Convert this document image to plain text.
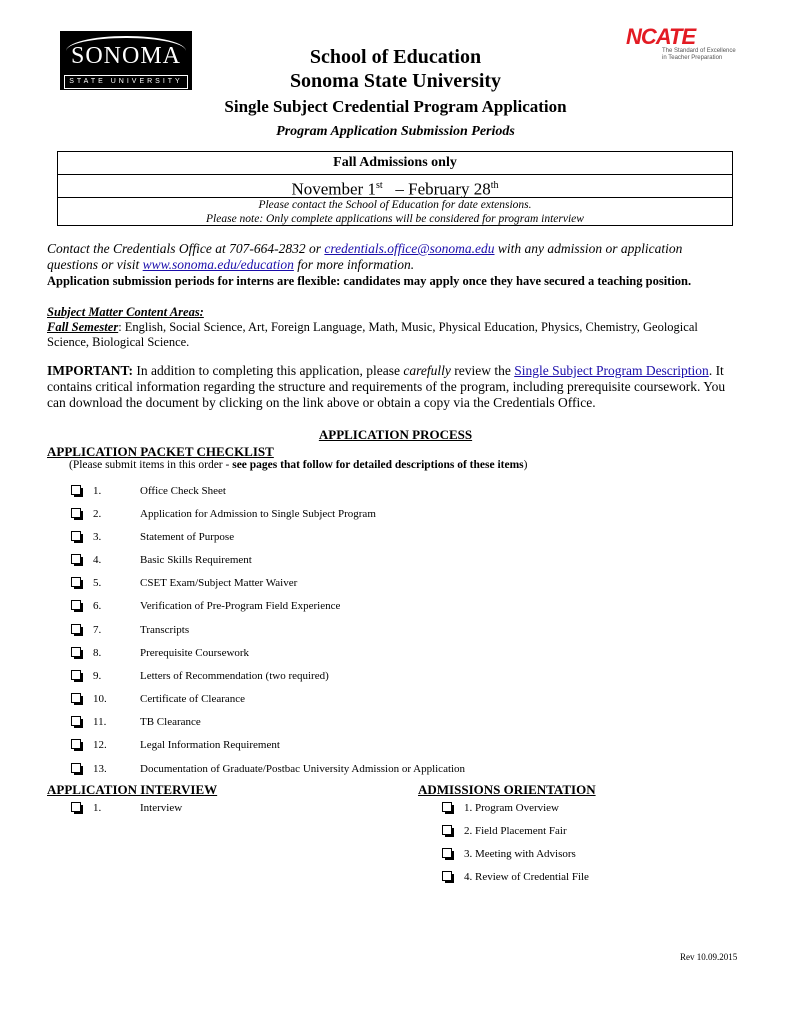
SONOMA
STATE UNIVERSITY
NCATE
The Standard of Excellence in Teacher Preparation
School of Education
Sonoma State University
Single Subject Credential Program Application
Program Application Submission Periods
Fall Admissions only
November 1st – February 28th
Please contact the School of Education for date extensions.
Please note: Only complete applications will be considered for program interview
Contact the Credentials Office at 707-664-2832 or credentials.office@sonoma.edu with any admission or application
questions or visit www.sonoma.edu/education for more information.
Application submission periods for interns are flexible: candidates may apply once they have secured a teaching position.
Subject Matter Content Areas:
Fall Semester: English, Social Science, Art, Foreign Language, Math, Music, Physical Education, Physics, Chemistry, Geological Science, Biological Science.
IMPORTANT: In addition to completing this application, please carefully review the Single Subject Program Description. It contains critical information regarding the structure and requirements of the program, including prerequisite coursework. You can download the document by clicking on the link above or obtain a copy via the Credentials Office.
APPLICATION PROCESS
APPLICATION PACKET CHECKLIST
(Please submit items in this order - see pages that follow for detailed descriptions of these items)
1.	Office Check Sheet
2.	Application for Admission to Single Subject Program
3.	Statement of Purpose
4.	Basic Skills Requirement
5.	CSET Exam/Subject Matter Waiver
6.	Verification of Pre-Program Field Experience
7.	Transcripts
8.	Prerequisite Coursework
9.	Letters of Recommendation (two required)
10.	Certificate of Clearance
11.	TB Clearance
12.	Legal Information Requirement
13.	Documentation of Graduate/Postbac University Admission or Application
APPLICATION INTERVIEW
1.	Interview
ADMISSIONS ORIENTATION
1. Program Overview
2. Field Placement Fair
3. Meeting with Advisors
4. Review of Credential File
Rev 10.09.2015
